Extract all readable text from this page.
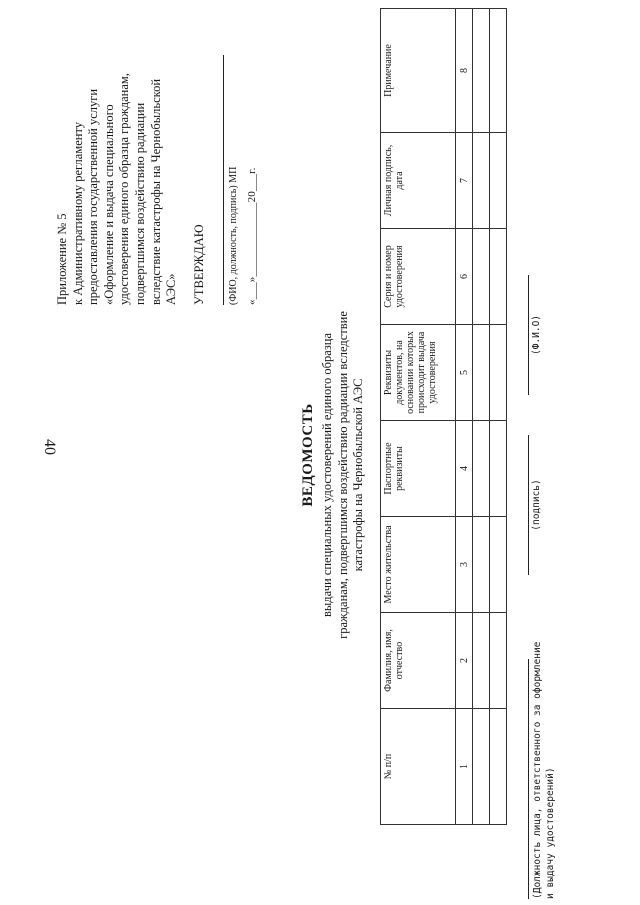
40

Приложение № 5 к Административному регламенту предоставления государственной услуги «Оформление и выдача специального удостоверения единого образца гражданам, подвергшимся воздействию радиации вследствие катастрофы на Чернобыльской АЭС» УТВЕРЖДАЮ (ФИО, должность, подпись) МП «___»_____________20___г.
ВЕДОМОСТЬ выдачи специальных удостоверений единого образца гражданам, подвергшимся воздействию радиации вследствие катастрофы на Чернобыльской АЭС
№ п/п	Фамилия, имя, отчество	Место жительства	Паспортные реквизиты	Реквизиты документов, на основании которых происходит выдача удостоверения	Серия и номер удостоверения	Личная подпись, дата	Примечание
1	2	3	4	5	6	7	8

(Должность лица, ответственного за оформление и выдачу удостоверений)
(подпись)
(Ф.И.О)
